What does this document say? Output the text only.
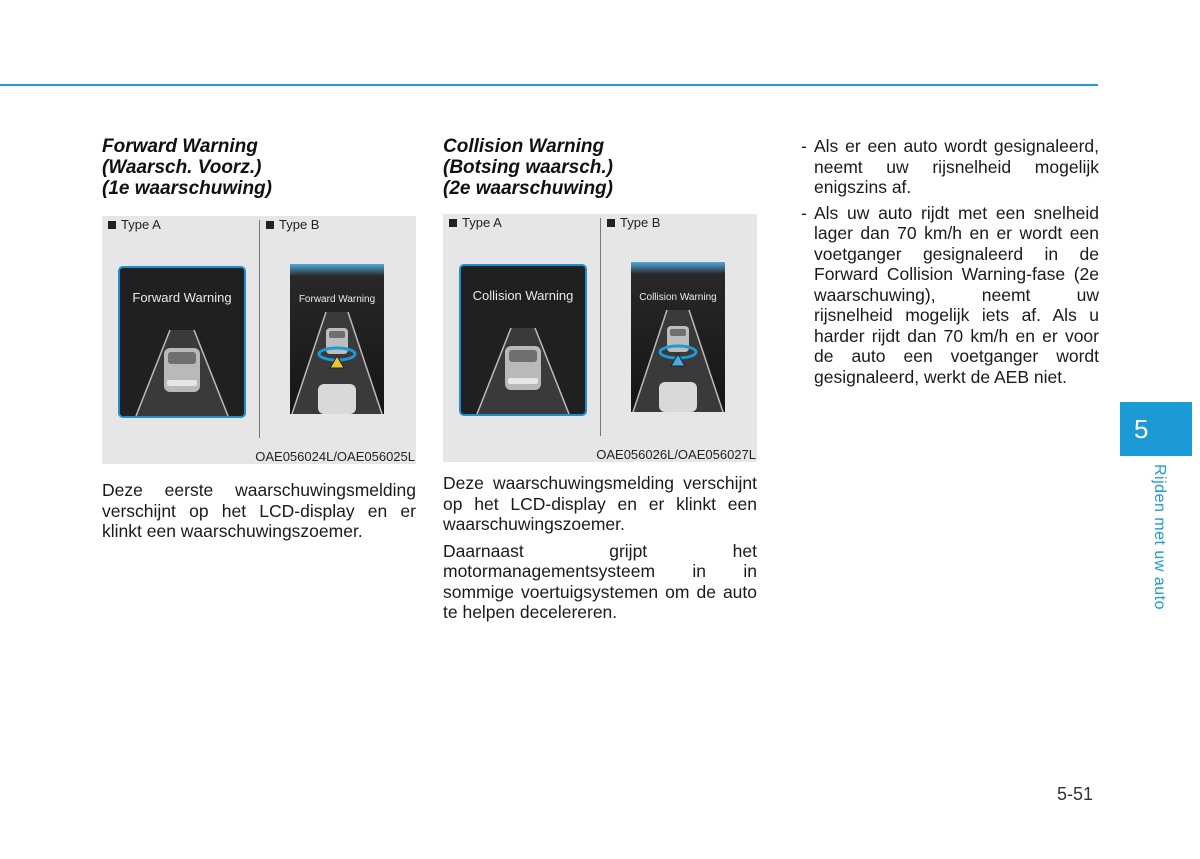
Forward Warning
(Waarsch. Voorz.)
(1e waarschuwing)
Type A	Type B
Forward Warning	Forward Warning
OAE056024L/OAE056025L

Deze eerste waarschuwingsmelding verschijnt op het LCD-display en er klinkt een waarschuwingszoemer.

Collision Warning
(Botsing waarsch.)
(2e waarschuwing)
Type A	Type B
Collision Warning	Collision Warning
OAE056026L/OAE056027L

Deze waarschuwingsmelding verschijnt op het LCD-display en er klinkt een waarschuwingszoemer.

Daarnaast grijpt het motormanagementsysteem in in sommige voertuigsystemen om de auto te helpen decelereren.

- Als er een auto wordt gesignaleerd, neemt uw rijsnelheid mogelijk enigszins af.

- Als uw auto rijdt met een snelheid lager dan 70 km/h en er wordt een voetganger gesignaleerd in de Forward Collision Warning-fase (2e waarschuwing), neemt uw rijsnelheid mogelijk iets af. Als u harder rijdt dan 70 km/h en er voor de auto een voetganger wordt gesignaleerd, werkt de AEB niet.

5
Rijden met uw auto
5-51
